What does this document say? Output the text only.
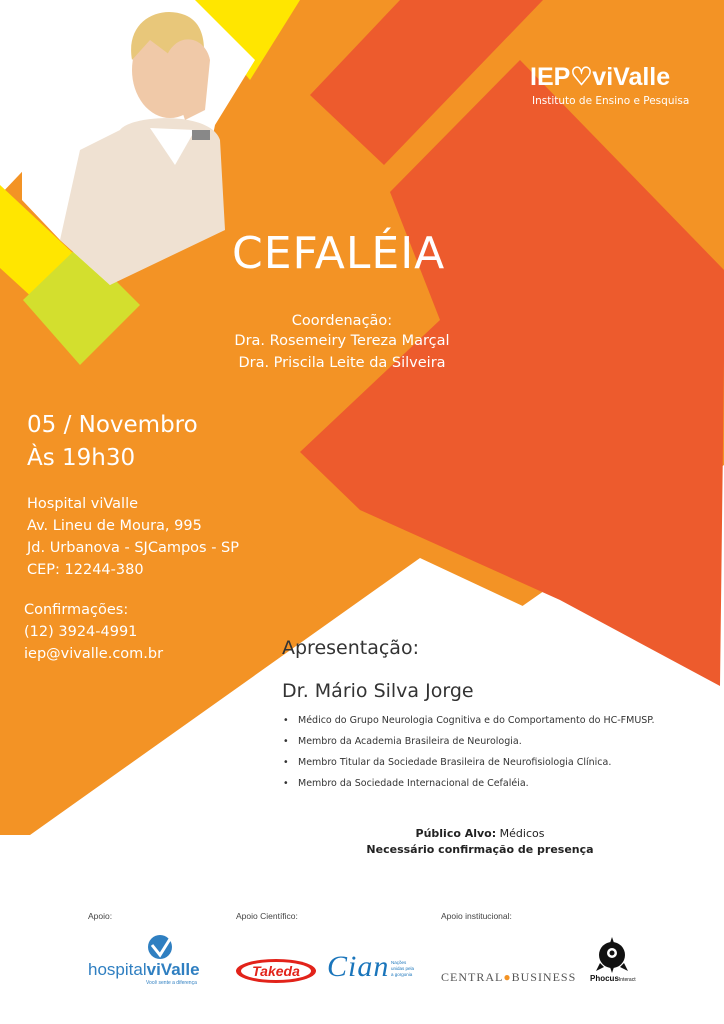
IEP♡viValle
Instituto de Ensino e Pesquisa
CEFALÉIA
Coordenação:
Dra. Rosemeiry Tereza Marçal
Dra. Priscila Leite da Silveira
05 / Novembro
Às 19h30
Hospital viValle
Av. Lineu de Moura, 995
Jd. Urbanova - SJCampos - SP
CEP: 12244-380
Confirmações:
(12) 3924-4991
iep@vivalle.com.br	Apresentação:
Dr. Mário Silva Jorge
• Médico do Grupo Neurologia Cognitiva e do Comportamento do HC-FMUSP.
• Membro da Academia Brasileira de Neurologia.
• Membro Titular da Sociedade Brasileira de Neurofisiologia Clínica.
• Membro da Sociedade Internacional de Cefaléia.
Público Alvo: Médicos
Necessário confirmação de presença
Apoio:	Apoio Científico:	Apoio institucional:
hospitalviValle
Você sente a diferença
Takeda Cian Nações
unidas pela
a gorgonia CENTRAL●BUSINESS PhocusInteract
